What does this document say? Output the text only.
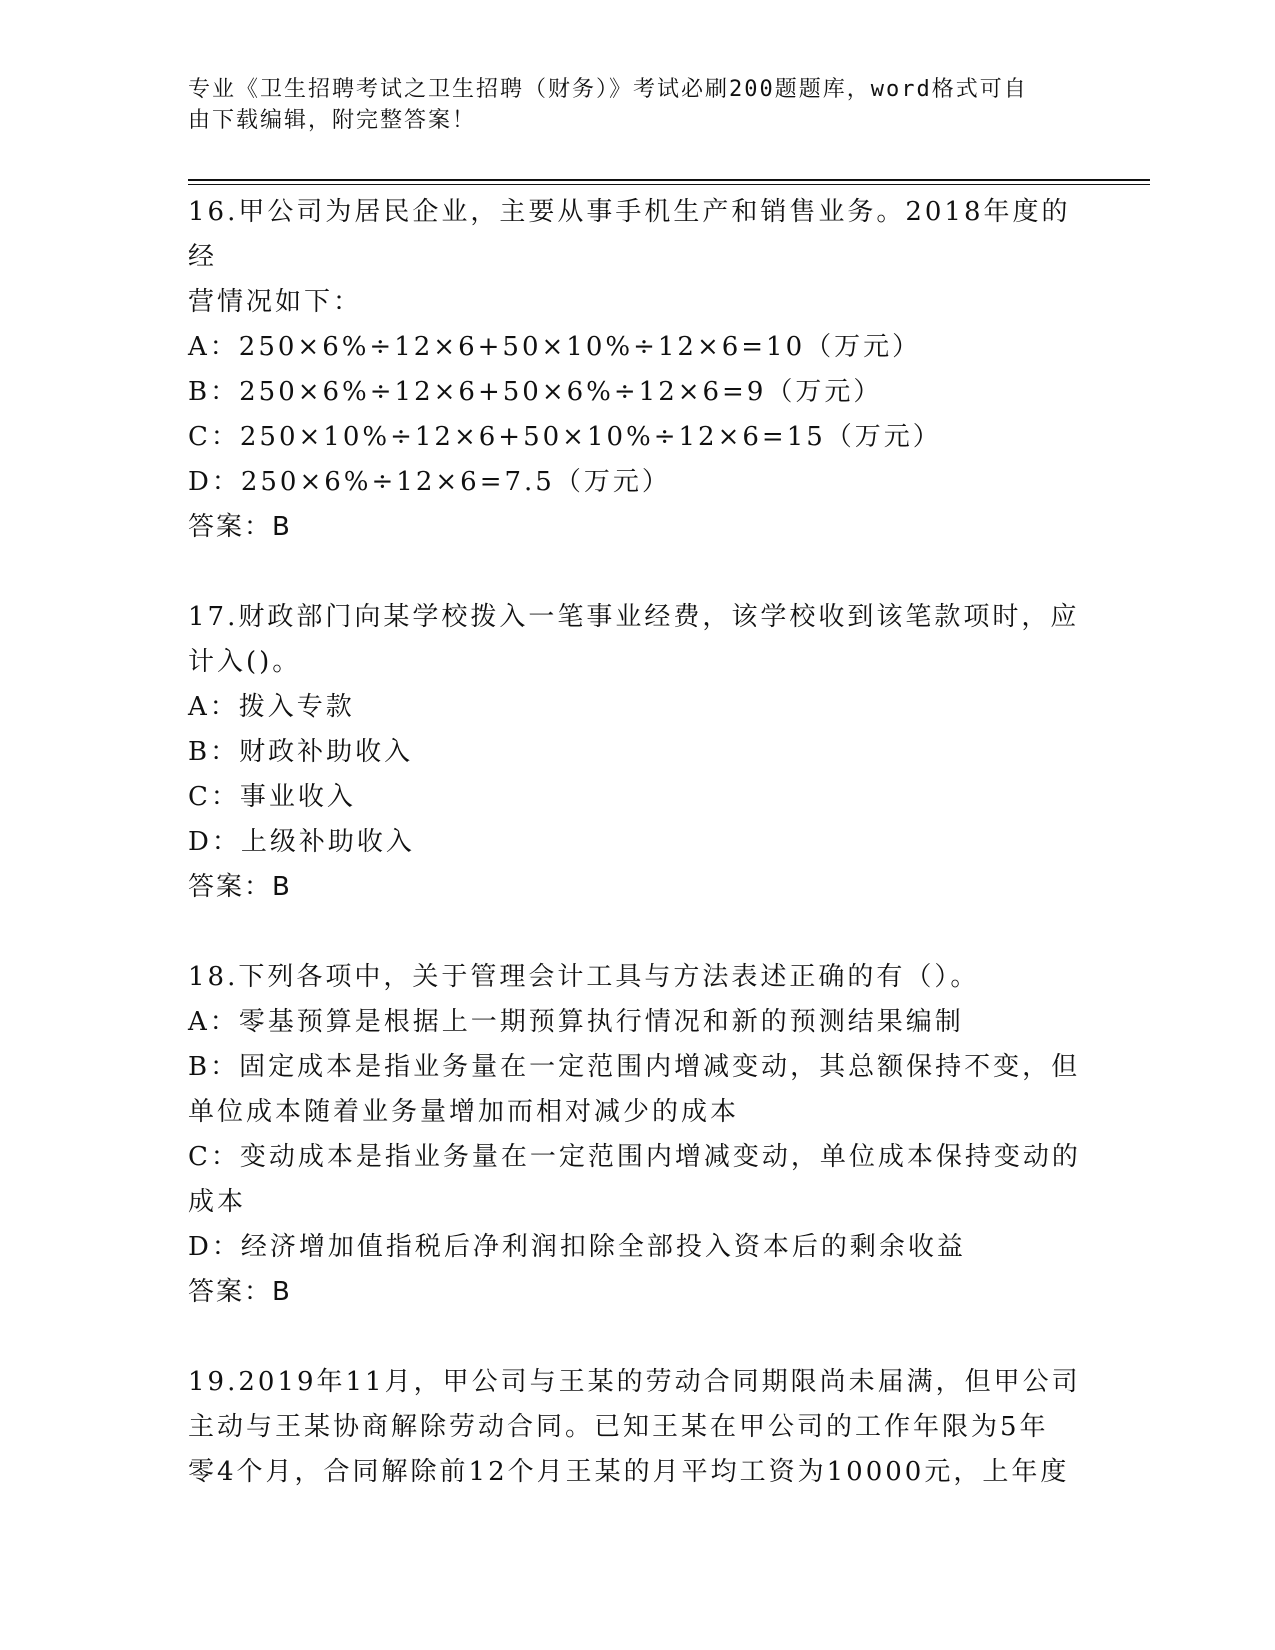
专业《卫生招聘考试之卫生招聘（财务）》考试必刷200题题库，word格式可自
由下载编辑，附完整答案！

16.甲公司为居民企业，主要从事手机生产和销售业务。2018年度的经

营情况如下：

A：250×6%÷12×6+50×10%÷12×6=10（万元）

B：250×6%÷12×6+50×6%÷12×6=9（万元）

C：250×10%÷12×6+50×10%÷12×6=15（万元）

D：250×6%÷12×6=7.5（万元）

答案：B

17.财政部门向某学校拨入一笔事业经费，该学校收到该笔款项时，应

计入()。

A：拨入专款

B：财政补助收入

C：事业收入

D：上级补助收入

答案：B

18.下列各项中，关于管理会计工具与方法表述正确的有（）。

A：零基预算是根据上一期预算执行情况和新的预测结果编制

B：固定成本是指业务量在一定范围内增减变动，其总额保持不变，但

单位成本随着业务量增加而相对减少的成本

C：变动成本是指业务量在一定范围内增减变动，单位成本保持变动的

成本

D：经济增加值指税后净利润扣除全部投入资本后的剩余收益

答案：B

19.2019年11月，甲公司与王某的劳动合同期限尚未届满，但甲公司

主动与王某协商解除劳动合同。已知王某在甲公司的工作年限为5年

零4个月，合同解除前12个月王某的月平均工资为10000元，上年度
